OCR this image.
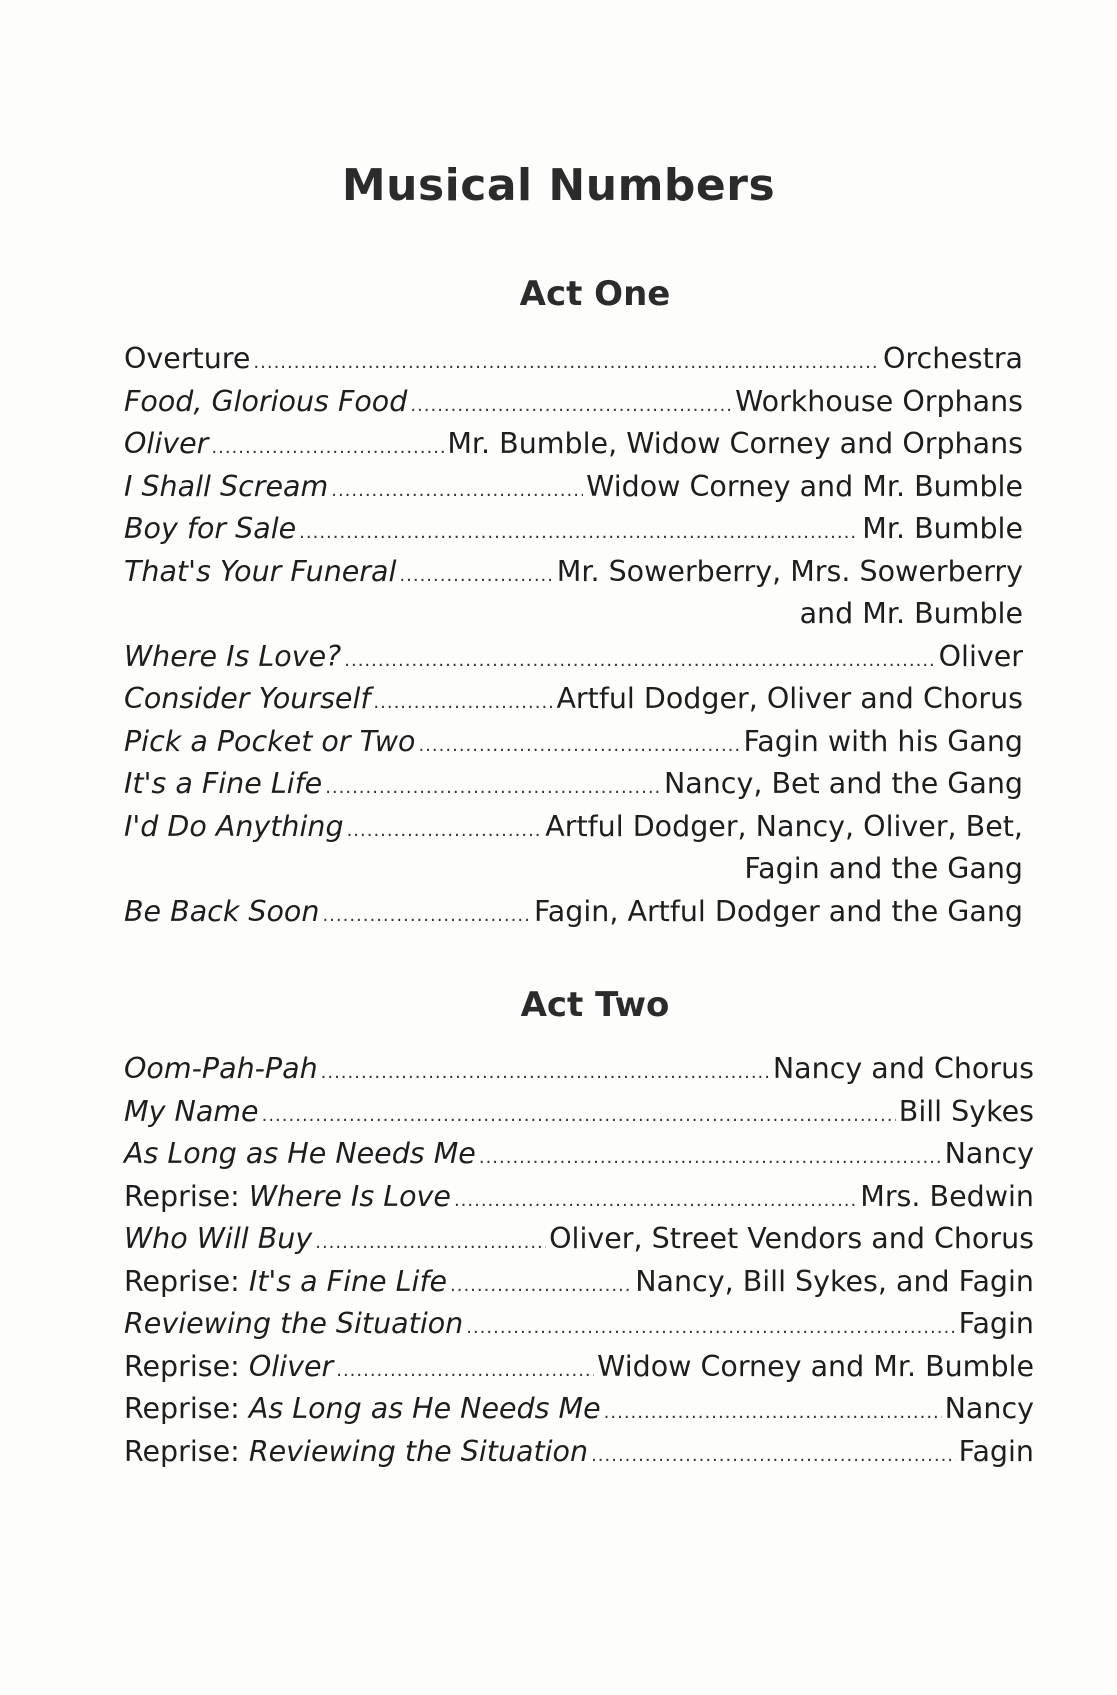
Musical Numbers
Act One
Overture .....	Orchestra
Food, Glorious Food .....	Workhouse Orphans
Oliver .....	Mr. Bumble, Widow Corney and Orphans
I Shall Scream .....	Widow Corney and Mr. Bumble
Boy for Sale .....	Mr. Bumble
That's Your Funeral .....	Mr. Sowerberry, Mrs. Sowerberry
and Mr. Bumble
Where Is Love? .....	Oliver
Consider Yourself .....	Artful Dodger, Oliver and Chorus
Pick a Pocket or Two .....	Fagin with his Gang
It's a Fine Life .....	Nancy, Bet and the Gang
I'd Do Anything .....	Artful Dodger, Nancy, Oliver, Bet,
Fagin and the Gang
Be Back Soon .....	Fagin, Artful Dodger and the Gang
Act Two
Oom-Pah-Pah .....	Nancy and Chorus
My Name .....	Bill Sykes
As Long as He Needs Me .....	Nancy
Reprise: Where Is Love .....	Mrs. Bedwin
Who Will Buy .....	Oliver, Street Vendors and Chorus
Reprise: It's a Fine Life .....	Nancy, Bill Sykes, and Fagin
Reviewing the Situation .....	Fagin
Reprise: Oliver .....	Widow Corney and Mr. Bumble
Reprise: As Long as He Needs Me .....	Nancy
Reprise: Reviewing the Situation .....	Fagin
